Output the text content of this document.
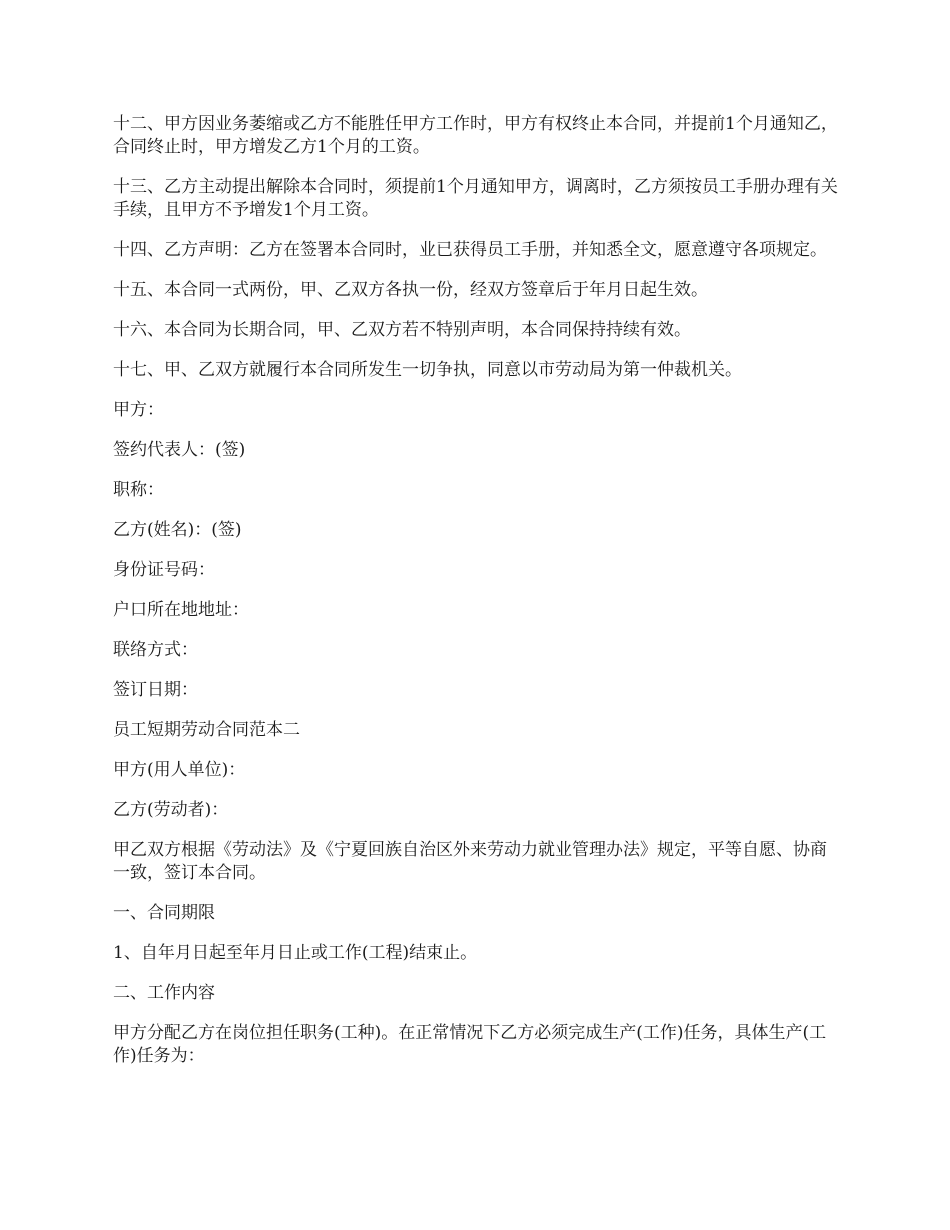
十二、甲方因业务萎缩或乙方不能胜任甲方工作时，甲方有权终止本合同，并提前1个月通知乙，合同终止时，甲方增发乙方1个月的工资。

十三、乙方主动提出解除本合同时，须提前1个月通知甲方，调离时，乙方须按员工手册办理有关手续，且甲方不予增发1个月工资。

十四、乙方声明：乙方在签署本合同时，业已获得员工手册，并知悉全文，愿意遵守各项规定。

十五、本合同一式两份，甲、乙双方各执一份，经双方签章后于年月日起生效。

十六、本合同为长期合同，甲、乙双方若不特别声明，本合同保持持续有效。

十七、甲、乙双方就履行本合同所发生一切争执，同意以市劳动局为第一仲裁机关。

甲方：

签约代表人：(签)

职称：

乙方(姓名)：(签)

身份证号码：

户口所在地地址：

联络方式：

签订日期：

员工短期劳动合同范本二

甲方(用人单位)：

乙方(劳动者)：

甲乙双方根据《劳动法》及《宁夏回族自治区外来劳动力就业管理办法》规定，平等自愿、协商一致，签订本合同。

一、合同期限

1、自年月日起至年月日止或工作(工程)结束止。

二、工作内容

甲方分配乙方在岗位担任职务(工种)。在正常情况下乙方必须完成生产(工作)任务，具体生产(工作)任务为：
